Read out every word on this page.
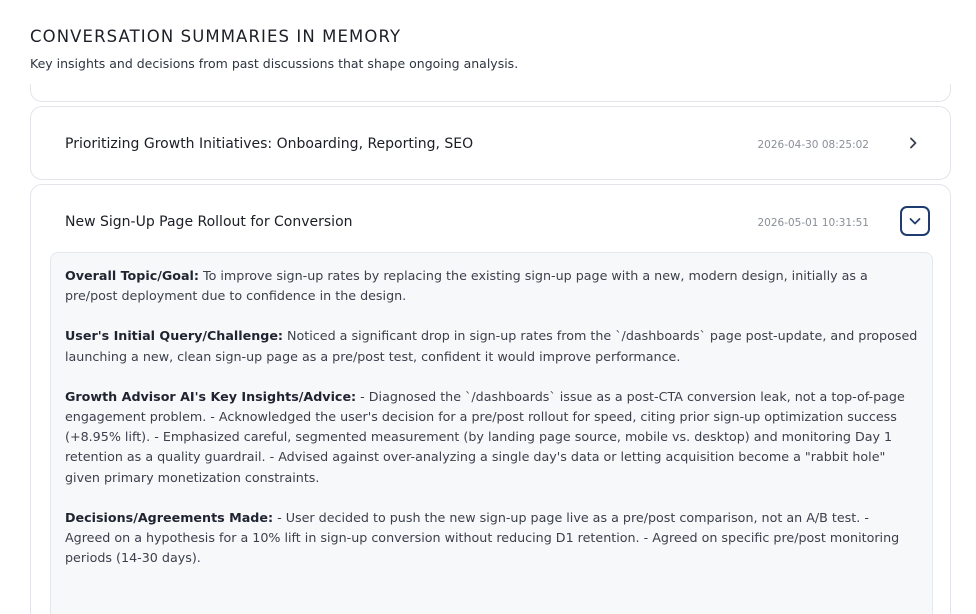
CONVERSATION SUMMARIES IN MEMORY

Key insights and decisions from past discussions that shape ongoing analysis.

Prioritizing Growth Initiatives: Onboarding, Reporting, SEO	2026-04-30 08:25:02
New Sign-Up Page Rollout for Conversion	2026-05-01 10:31:51

Overall Topic/Goal: To improve sign-up rates by replacing the existing sign-up page with a new, modern design, initially as a pre/post deployment due to confidence in the design.

User's Initial Query/Challenge: Noticed a significant drop in sign-up rates from the `/dashboards` page post-update, and proposed launching a new, clean sign-up page as a pre/post test, confident it would improve performance.

Growth Advisor AI's Key Insights/Advice: - Diagnosed the `/dashboards` issue as a post-CTA conversion leak, not a top-of-page engagement problem. - Acknowledged the user's decision for a pre/post rollout for speed, citing prior sign-up optimization success (+8.95% lift). - Emphasized careful, segmented measurement (by landing page source, mobile vs. desktop) and monitoring Day 1 retention as a quality guardrail. - Advised against over-analyzing a single day's data or letting acquisition become a "rabbit hole" given primary monetization constraints.

Decisions/Agreements Made: - User decided to push the new sign-up page live as a pre/post comparison, not an A/B test. - Agreed on a hypothesis for a 10% lift in sign-up conversion without reducing D1 retention. - Agreed on specific pre/post monitoring periods (14-30 days).
